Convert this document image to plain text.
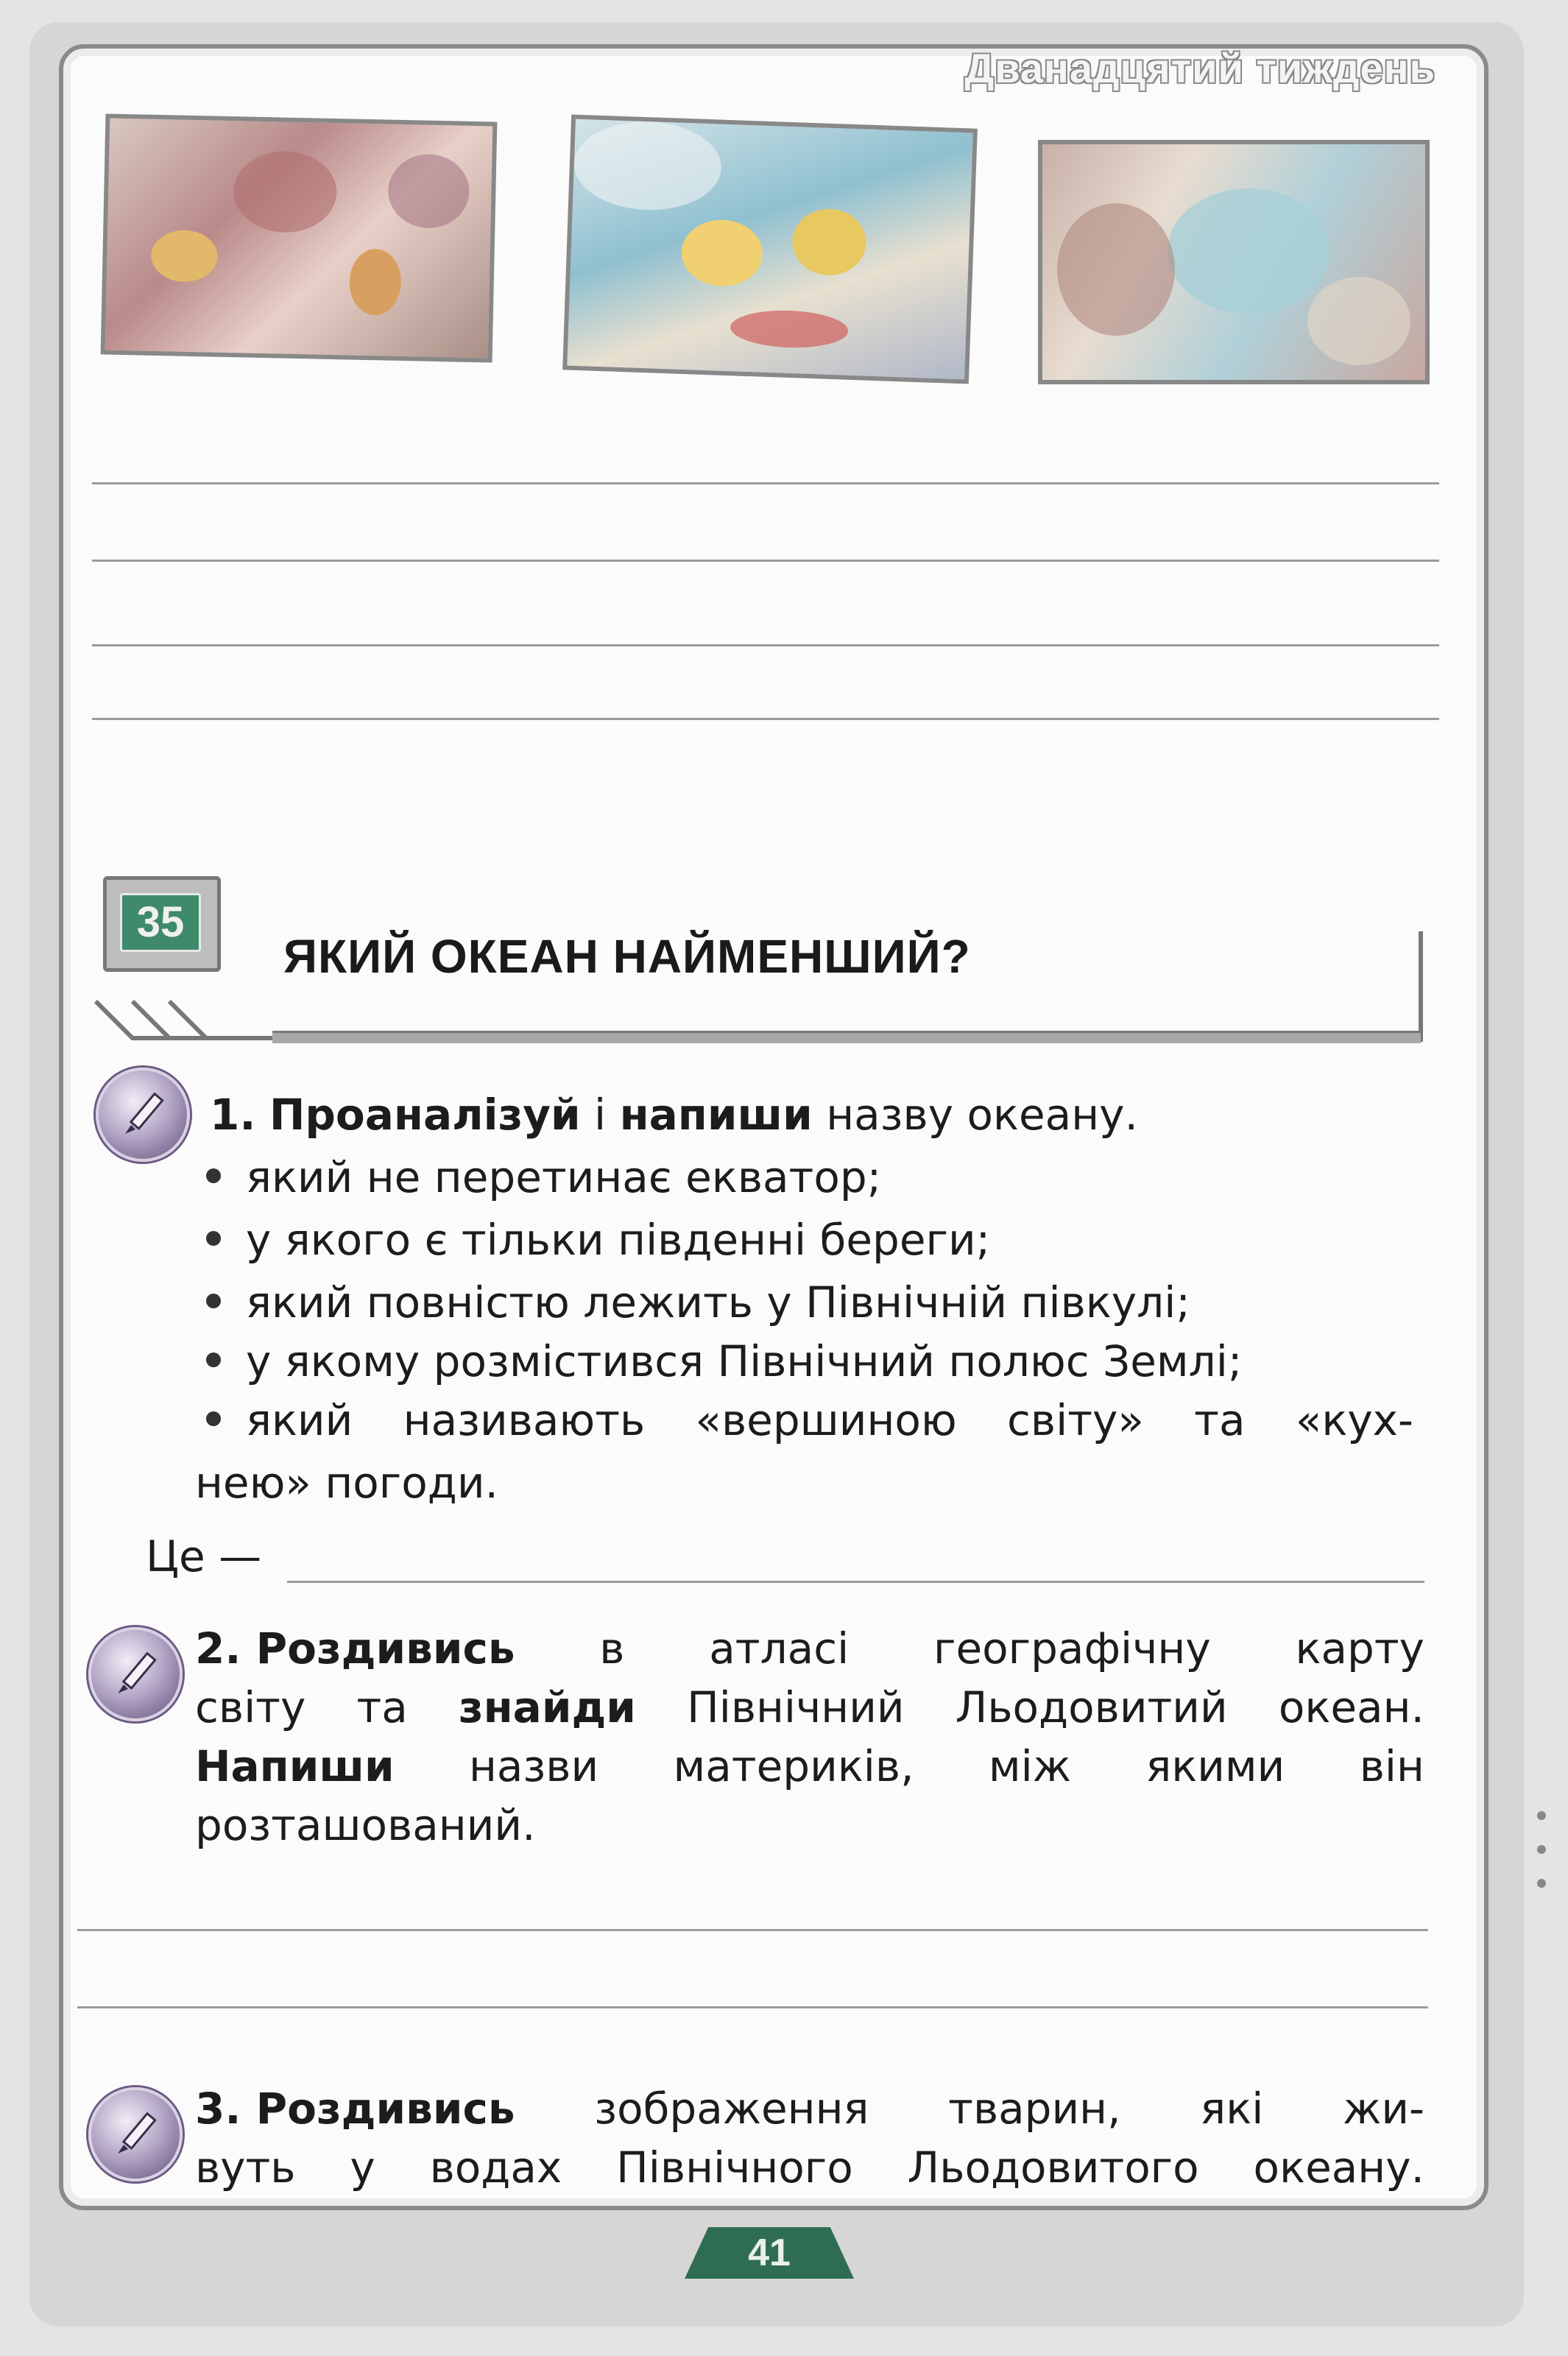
Дванадцятий тиждень
35
ЯКИЙ ОКЕАН НАЙМЕНШИЙ?
1. Проаналізуй і напиши назву океану.
який не перетинає екватор;
у якого є тільки південні береги;
який повністю лежить у Північній півкулі;
у якому розмістився Північний полюс Землі;
який називають «вершиною світу» та «кух-
нею» погоди.
Це —
2. Роздивись в атласі географічну карту
світу та знайди Північний Льодовитий океан.
Напиши назви материків, між якими він
розташований.
3. Роздивись зображення тварин, які жи-
вуть у водах Північного Льодовитого океану.
41
